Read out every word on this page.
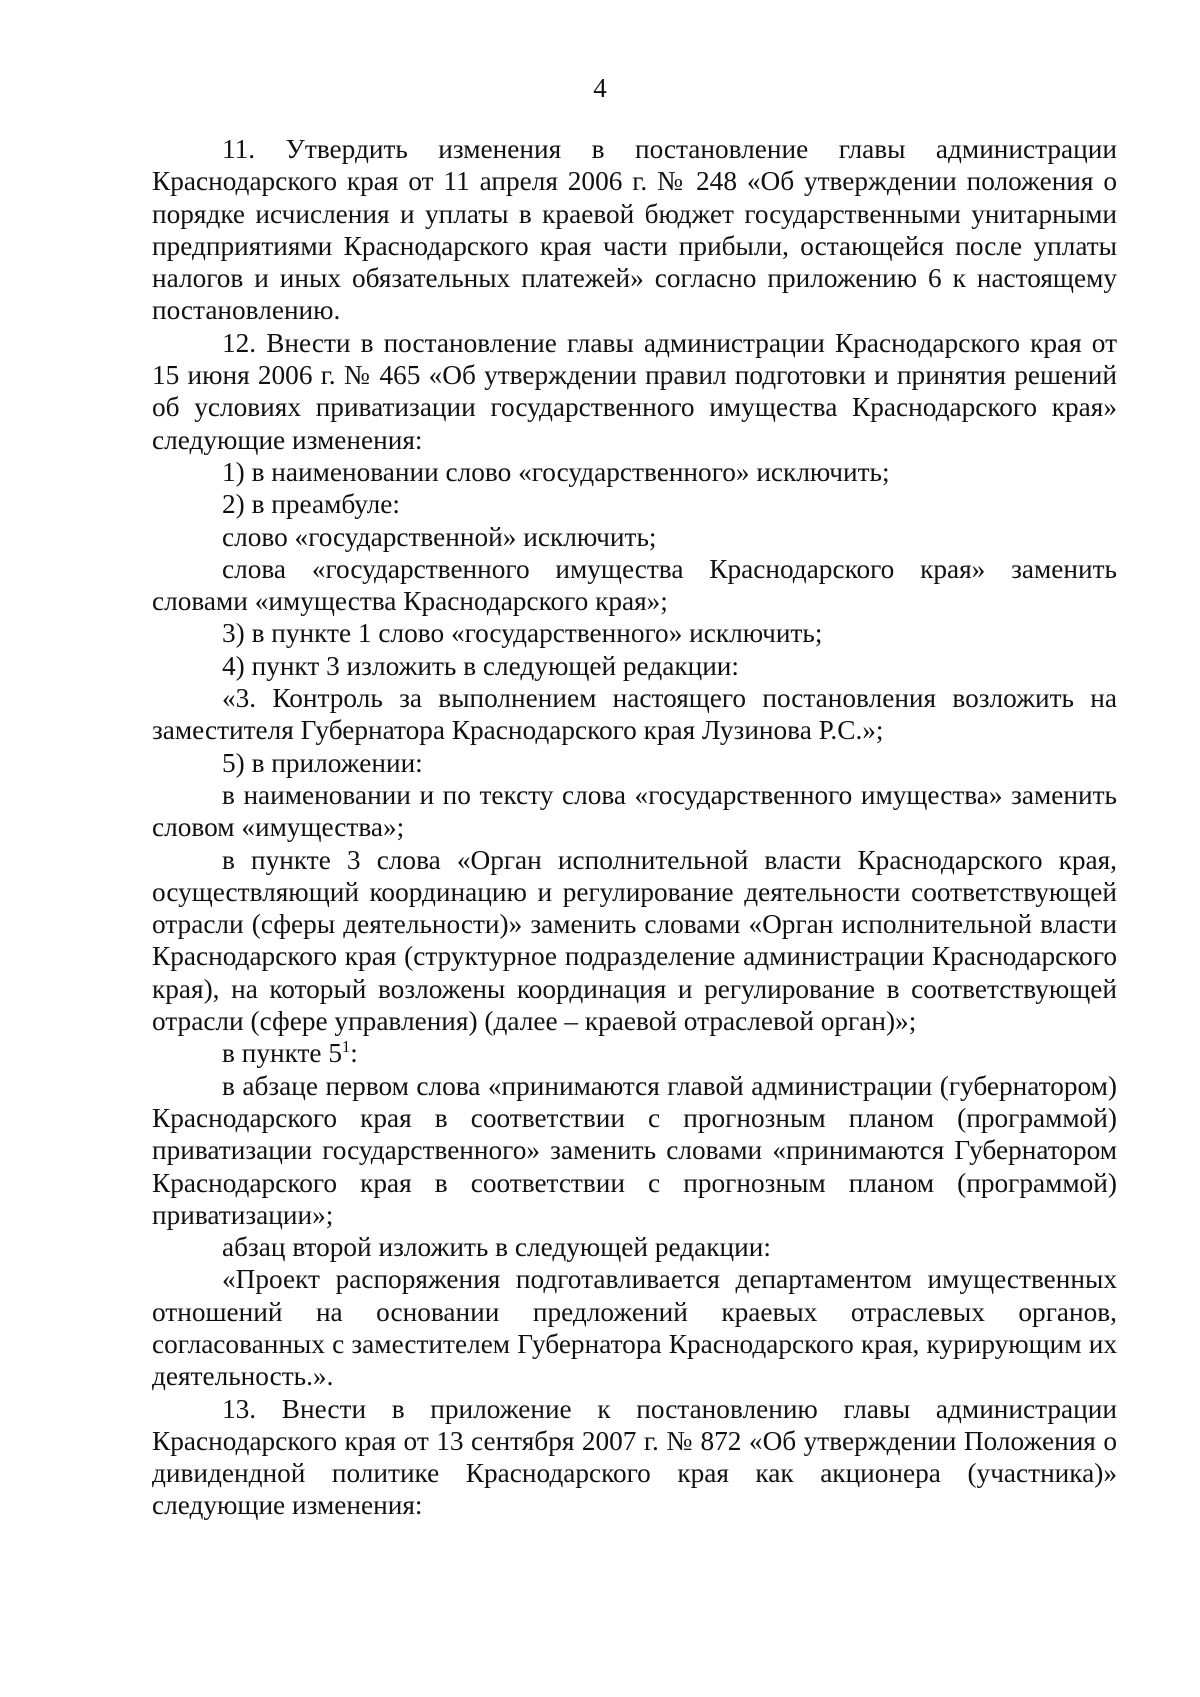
4

11. Утвердить изменения в постановление главы администрации Краснодарского края от 11 апреля 2006 г. № 248 «Об утверждении положения о порядке исчисления и уплаты в краевой бюджет государственными унитарными предприятиями Краснодарского края части прибыли, остающейся после уплаты налогов и иных обязательных платежей» согласно приложению 6 к настоящему постановлению.

12. Внести в постановление главы администрации Краснодарского края от 15 июня 2006 г. № 465 «Об утверждении правил подготовки и принятия решений об условиях приватизации государственного имущества Краснодарского края» следующие изменения:

1) в наименовании слово «государственного» исключить;

2) в преамбуле:

слово «государственной» исключить;

слова «государственного имущества Краснодарского края» заменить словами «имущества Краснодарского края»;

3) в пункте 1 слово «государственного» исключить;

4) пункт 3 изложить в следующей редакции:

«3. Контроль за выполнением настоящего постановления возложить на заместителя Губернатора Краснодарского края Лузинова Р.С.»;

5) в приложении:

в наименовании и по тексту слова «государственного имущества» заменить словом «имущества»;

в пункте 3 слова «Орган исполнительной власти Краснодарского края, осуществляющий координацию и регулирование деятельности соответствующей отрасли (сферы деятельности)» заменить словами «Орган исполнительной власти Краснодарского края (структурное подразделение администрации Краснодарского края), на который возложены координация и регулирование в соответствующей отрасли (сфере управления) (далее – краевой отраслевой орган)»;

в пункте $5^1$:

в абзаце первом слова «принимаются главой администрации (губернатором) Краснодарского края в соответствии с прогнозным планом (программой) приватизации государственного» заменить словами «принимаются Губернатором Краснодарского края в соответствии с прогнозным планом (программой) приватизации»;

абзац второй изложить в следующей редакции:

«Проект распоряжения подготавливается департаментом имущественных отношений на основании предложений краевых отраслевых органов, согласованных с заместителем Губернатора Краснодарского края, курирующим их деятельность.».

13. Внести в приложение к постановлению главы администрации Краснодарского края от 13 сентября 2007 г. № 872 «Об утверждении Положения о дивидендной политике Краснодарского края как акционера (участника)» следующие изменения:
